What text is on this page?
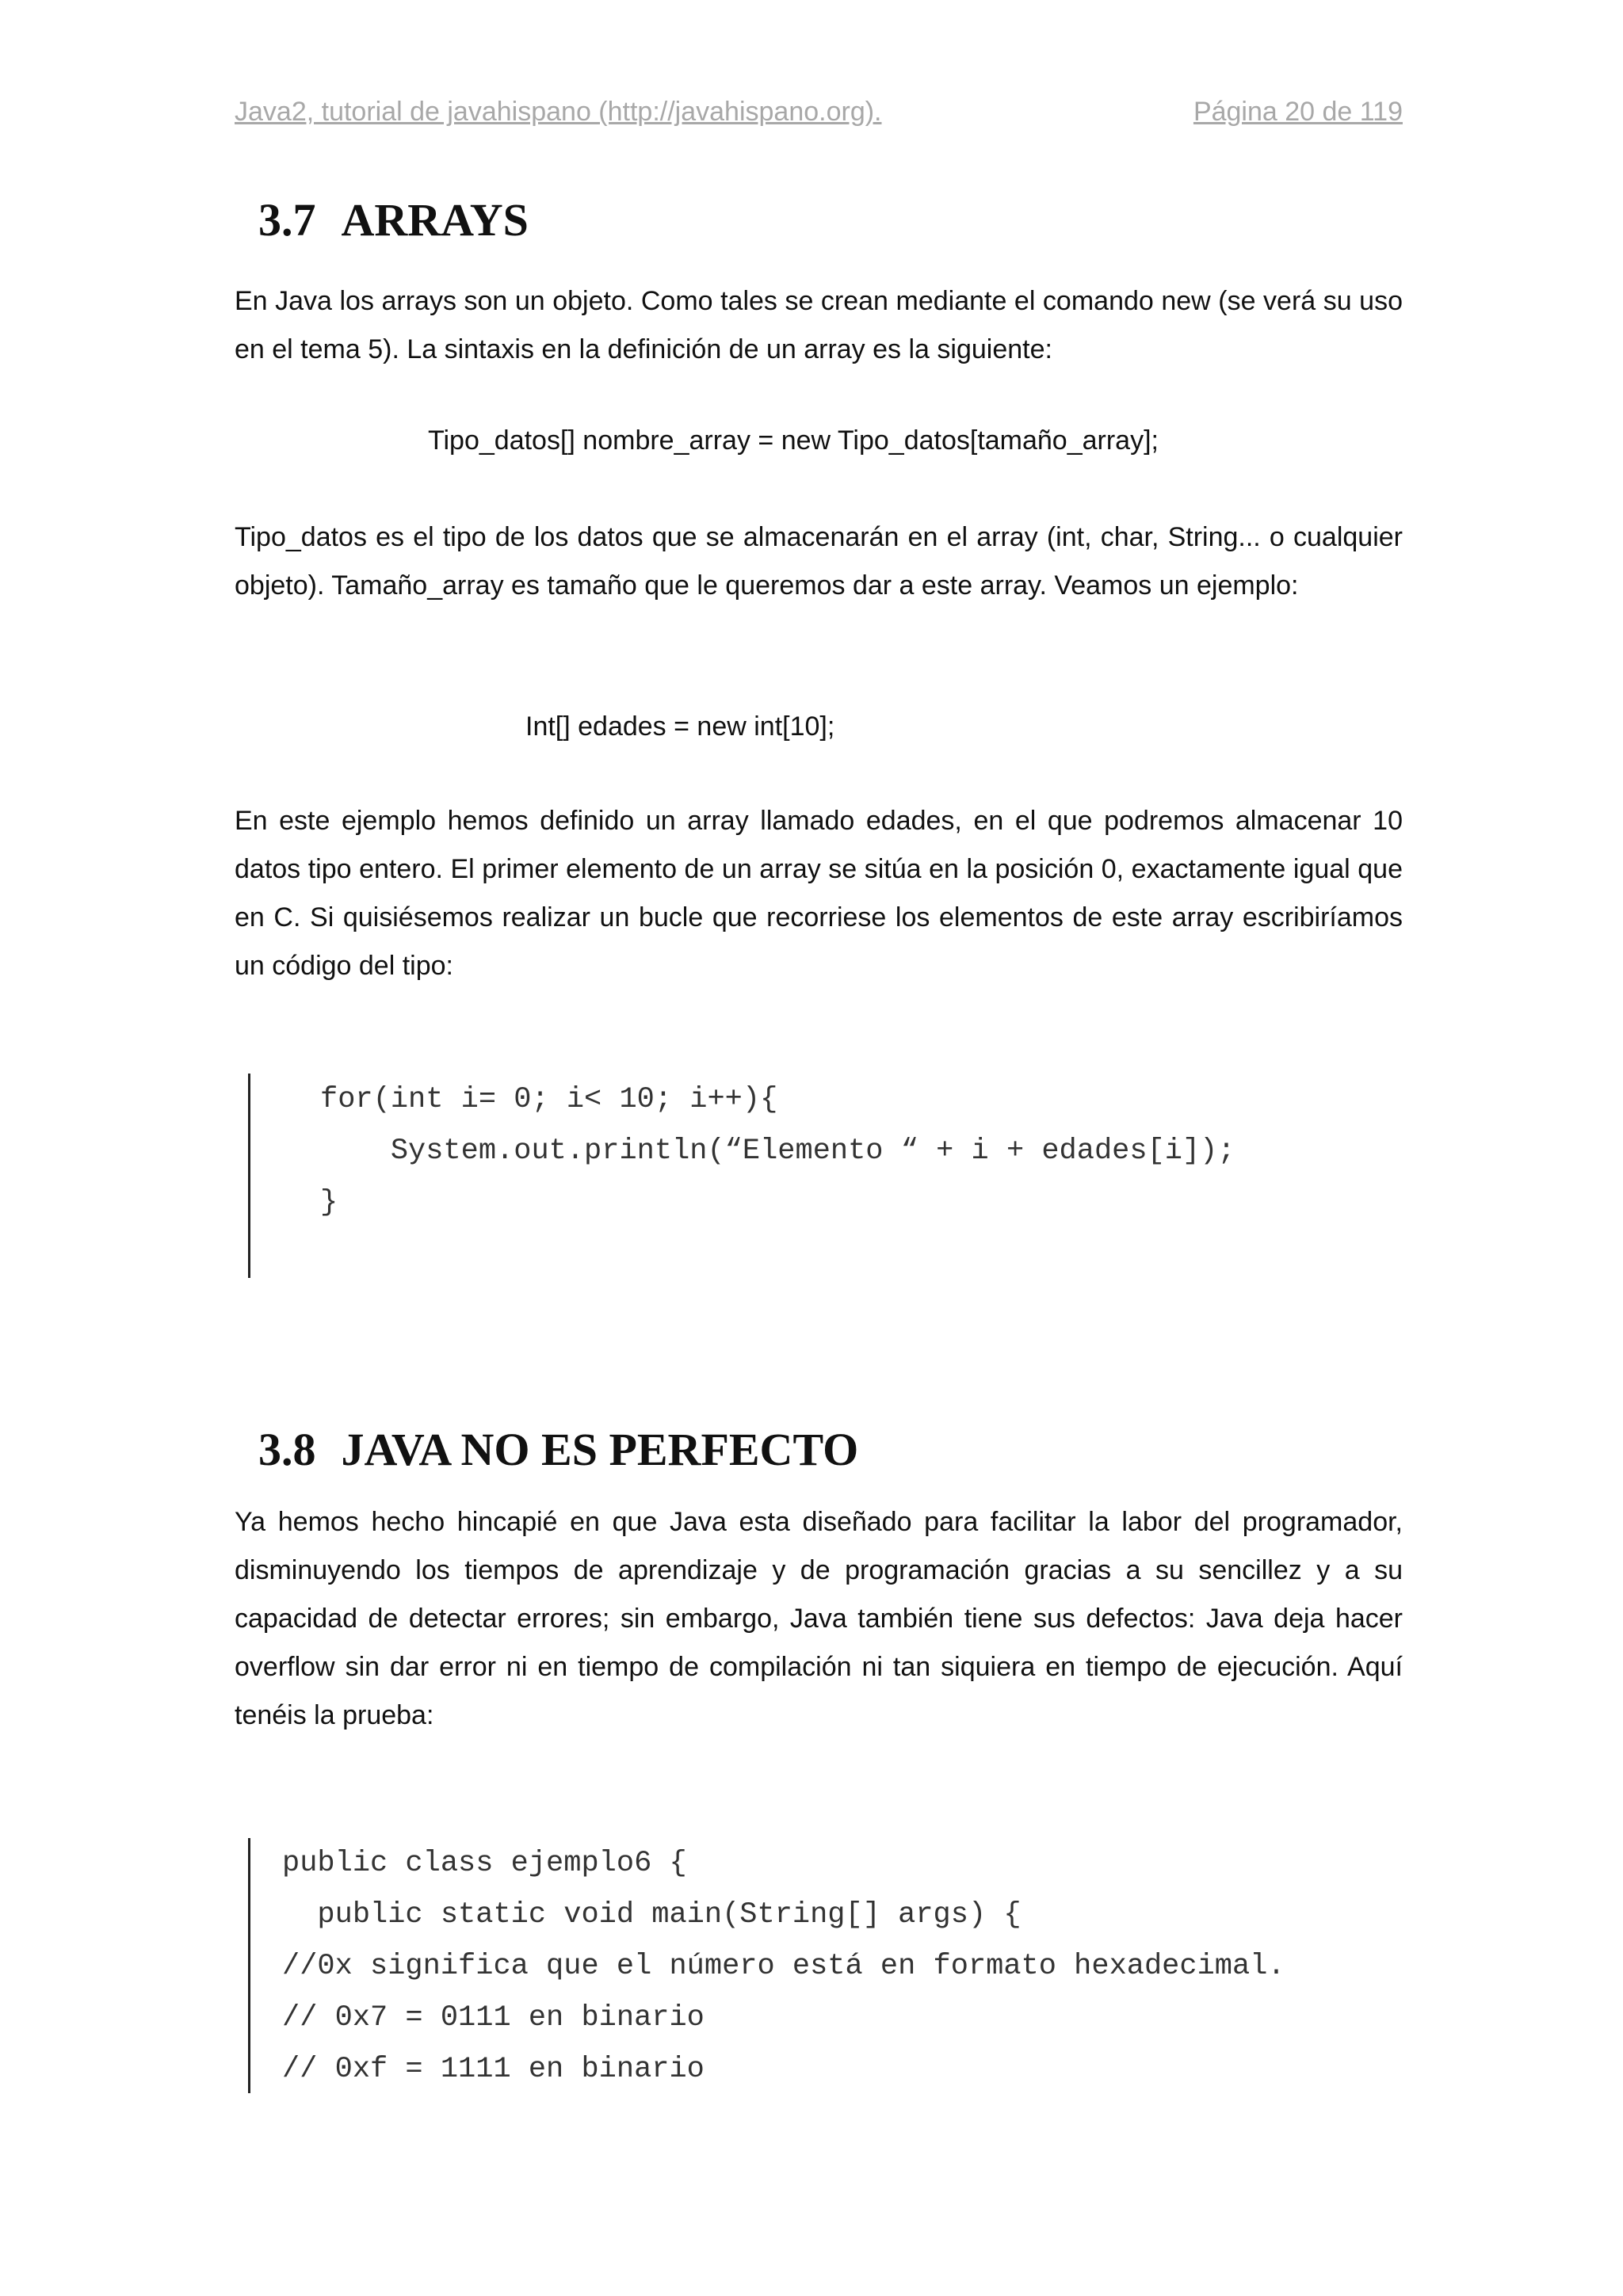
Java2, tutorial de javahispano (http://javahispano.org).	Página 20 de 119
3.7 ARRAYS
En Java los arrays son un objeto. Como tales se crean mediante el comando new (se verá su uso en el tema 5). La sintaxis en la definición de un array es la siguiente:
Tipo_datos[] nombre_array = new Tipo_datos[tamaño_array];
Tipo_datos es el tipo de los datos que se almacenarán en el array (int, char, String... o cualquier objeto). Tamaño_array es tamaño que le queremos dar a este array. Veamos un ejemplo:
Int[] edades = new int[10];
En este ejemplo hemos definido un array llamado edades, en el que podremos almacenar 10 datos tipo entero. El primer elemento de un array se sitúa en la posición 0, exactamente igual que en C. Si quisiésemos realizar un bucle que recorriese los elementos de este array escribiríamos un código del tipo:
for(int i= 0; i< 10; i++){
System.out.println(“Elemento “ + i + edades[i]);
}
3.8 JAVA NO ES PERFECTO
Ya hemos hecho hincapié en que Java esta diseñado para facilitar la labor del programador, disminuyendo los tiempos de aprendizaje y de programación gracias a su sencillez y a su capacidad de detectar errores; sin embargo, Java también tiene sus defectos: Java deja hacer overflow sin dar error ni en tiempo de compilación ni tan siquiera en tiempo de ejecución. Aquí tenéis la prueba:
public class ejemplo6 {
public static void main(String[] args) {
//0x significa que el número está en formato hexadecimal.
// 0x7 = 0111 en binario
// 0xf = 1111 en binario
